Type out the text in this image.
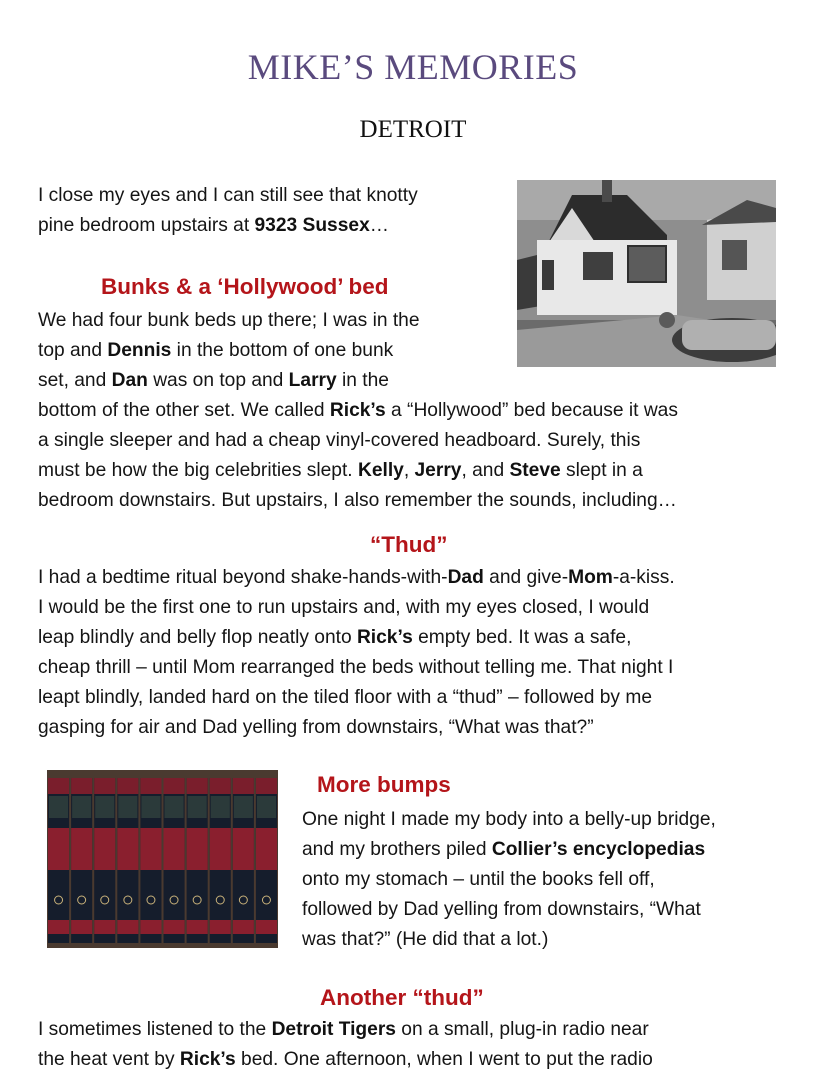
MIKE’S MEMORIES
DETROIT

I close my eyes and I can still see that knotty
pine bedroom upstairs at 9323 Sussex…

Bunks & a ‘Hollywood’ bed

We had four bunk beds up there; I was in the
top and Dennis in the bottom of one bunk
set, and Dan was on top and Larry in the
bottom of the other set. We called Rick’s a “Hollywood” bed because it was
a single sleeper and had a cheap vinyl-covered headboard. Surely, this
must be how the big celebrities slept. Kelly, Jerry, and Steve slept in a
bedroom downstairs. But upstairs, I also remember the sounds, including…

“Thud”

I had a bedtime ritual beyond shake-hands-with-Dad and give-Mom-a-kiss.
I would be the first one to run upstairs and, with my eyes closed, I would
leap blindly and belly flop neatly onto Rick’s empty bed. It was a safe,
cheap thrill – until Mom rearranged the beds without telling me. That night I
leapt blindly, landed hard on the tiled floor with a “thud” – followed by me
gasping for air and Dad yelling from downstairs, “What was that?”

More bumps

One night I made my body into a belly-up bridge,
and my brothers piled Collier’s encyclopedias
onto my stomach – until the books fell off,
followed by Dad yelling from downstairs, “What
was that?” (He did that a lot.)

Another “thud”

I sometimes listened to the Detroit Tigers on a small, plug-in radio near
the heat vent by Rick’s bed. One afternoon, when I went to put the radio
